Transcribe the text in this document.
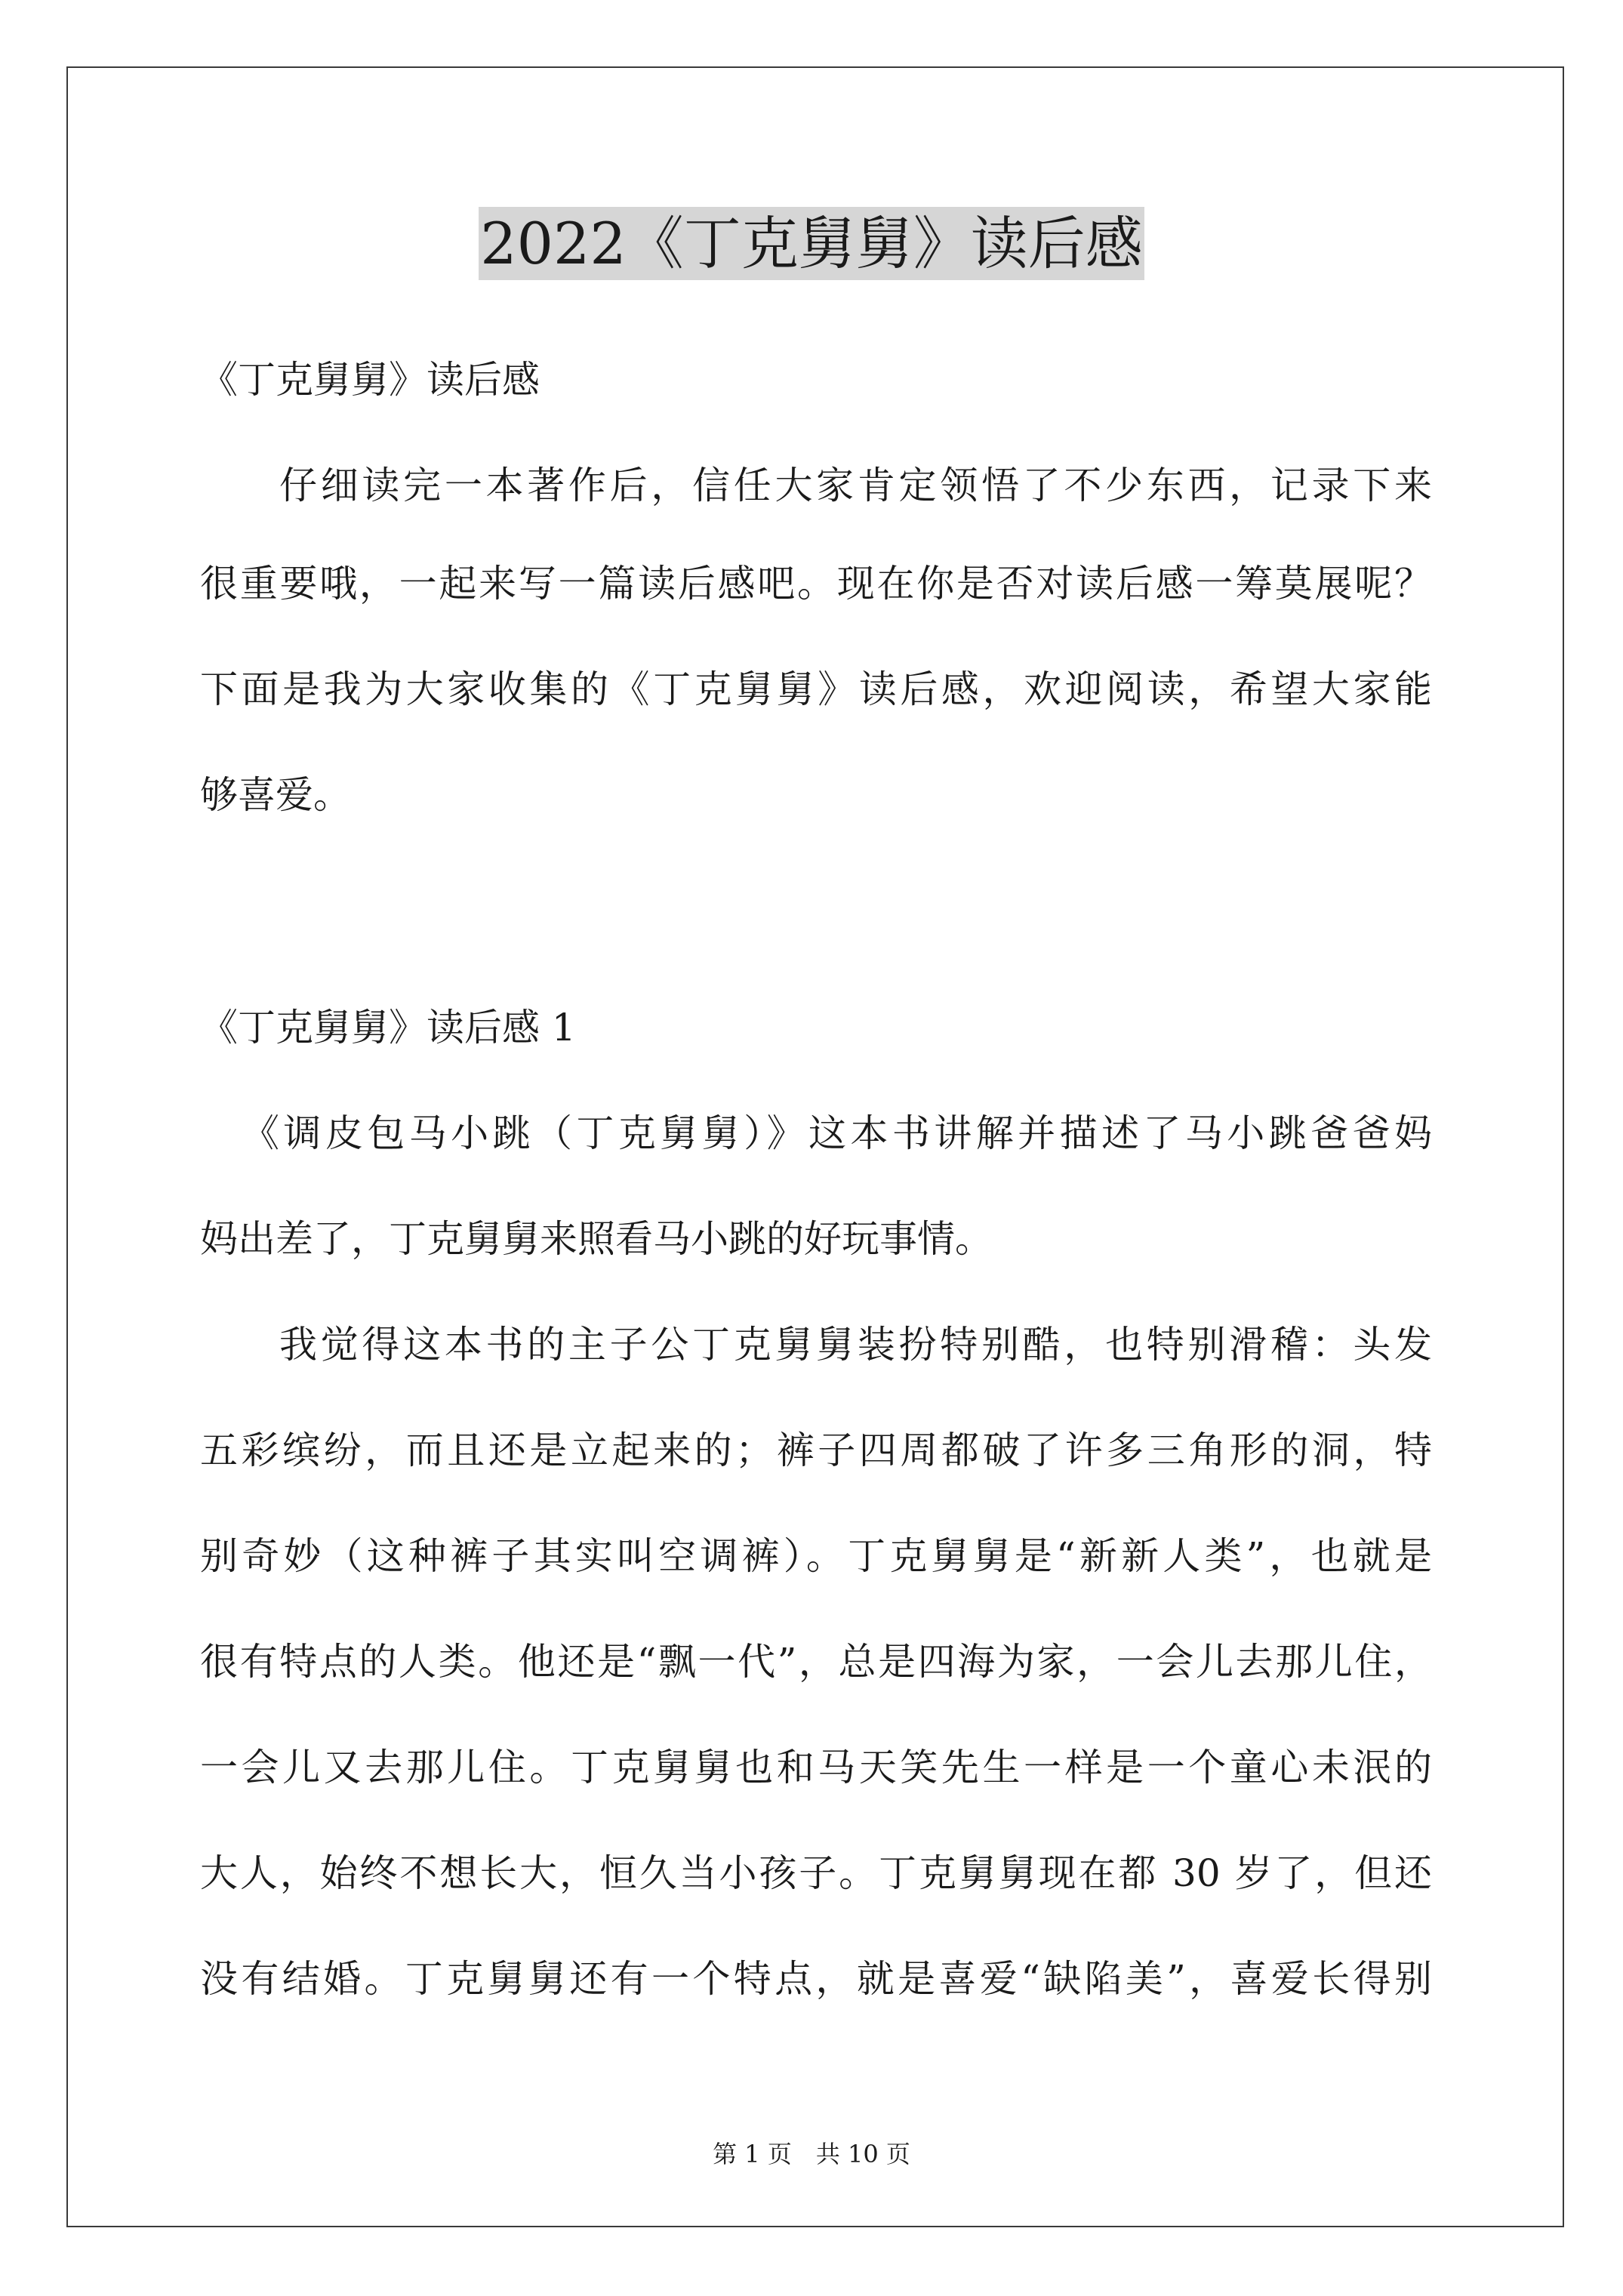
2022《丁克舅舅》读后感
《丁克舅舅》读后感
仔细读完一本著作后，信任大家肯定领悟了不少东西，记录下来
很重要哦，一起来写一篇读后感吧。现在你是否对读后感一筹莫展呢？
下面是我为大家收集的《丁克舅舅》读后感，欢迎阅读，希望大家能
够喜爱。
《丁克舅舅》读后感 1
《调皮包马小跳（丁克舅舅）》这本书讲解并描述了马小跳爸爸妈
妈出差了，丁克舅舅来照看马小跳的好玩事情。
我觉得这本书的主子公丁克舅舅装扮特别酷，也特别滑稽：头发
五彩缤纷，而且还是立起来的；裤子四周都破了许多三角形的洞，特
别奇妙（这种裤子其实叫空调裤）。丁克舅舅是“新新人类”，也就是
很有特点的人类。他还是“飘一代”，总是四海为家，一会儿去那儿住，
一会儿又去那儿住。丁克舅舅也和马天笑先生一样是一个童心未泯的
大人，始终不想长大，恒久当小孩子。丁克舅舅现在都 30 岁了，但还
没有结婚。丁克舅舅还有一个特点，就是喜爱“缺陷美”，喜爱长得别
第 1 页　共 10 页
